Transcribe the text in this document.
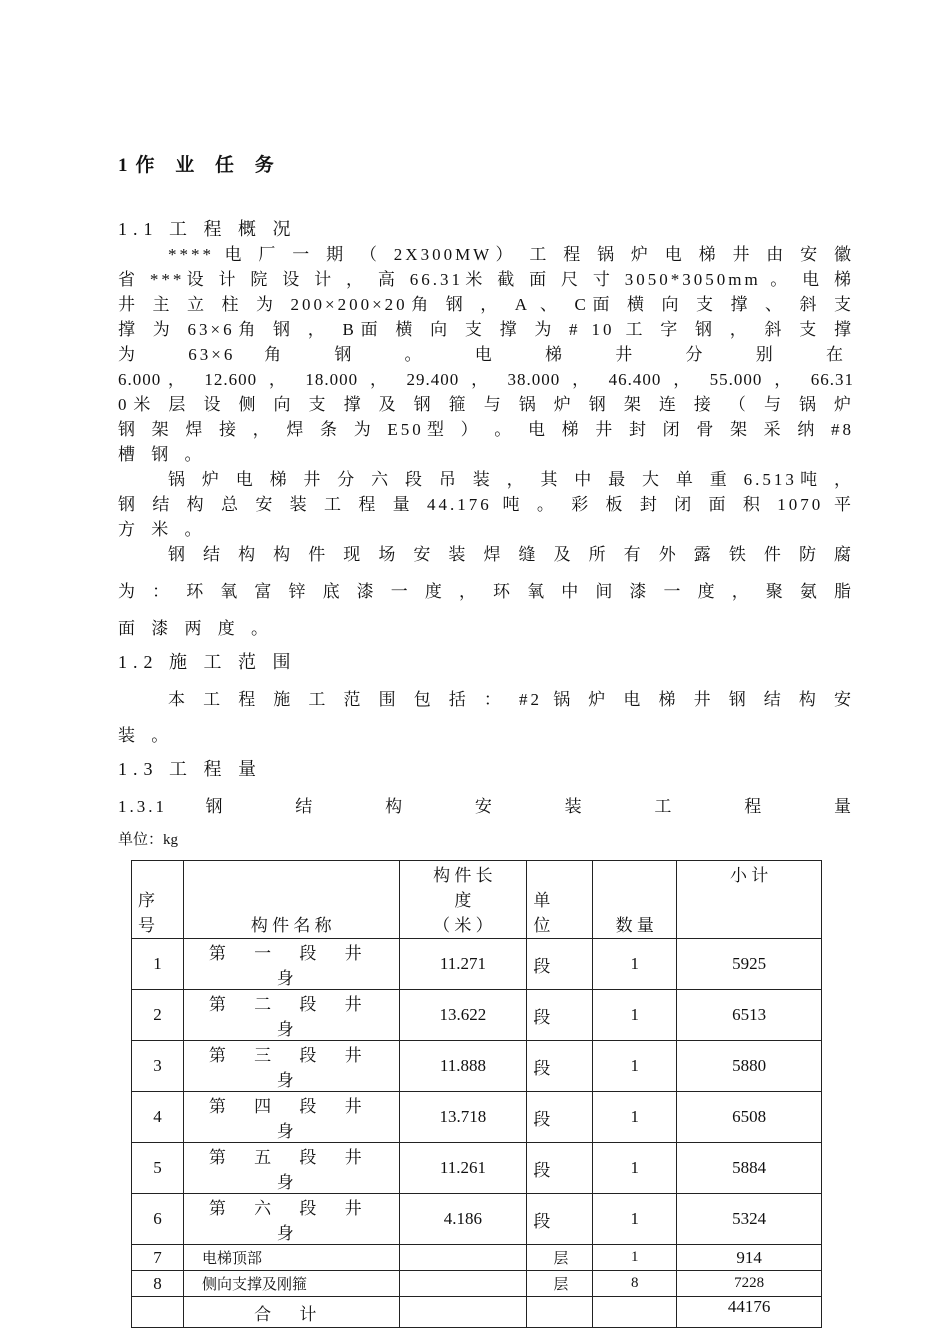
1作 业 任 务
1.1 工 程 概 况
**** 电 厂 一 期 （ 2X300MW） 工 程 锅 炉 电 梯 井 由 安 徽
省 ***设 计 院 设 计 ， 高 66.31米 截 面 尺 寸 3050*3050mm 。 电 梯
井 主 立 柱 为 200×200×20角 钢 ， A 、 C面 横 向 支 撑 、 斜 支
撑 为 63×6角 钢 ， B面 横 向 支 撑 为 # 10 工 字 钢 ， 斜 支 撑
为 63×6 角 钢 。 电 梯 井 分 别 在
6.000， 12.600 ， 18.000 ， 29.400 ， 38.000 ， 46.400 ， 55.000 ， 66.31
0米 层 设 侧 向 支 撑 及 钢 箍 与 锅 炉 钢 架 连 接 （ 与 锅 炉
钢 架 焊 接 ， 焊 条 为 E50型 ） 。 电 梯 井 封 闭 骨 架 采 纳 #8
槽 钢 。
锅 炉 电 梯 井 分 六 段 吊 装 ， 其 中 最 大 单 重 6.513吨 ，
钢 结 构 总 安 装 工 程 量 44.176 吨 。 彩 板 封 闭 面 积 1070 平
方 米 。
钢 结 构 构 件 现 场 安 装 焊 缝 及 所 有 外 露 铁 件 防 腐
为 ： 环 氧 富 锌 底 漆 一 度 ， 环 氧 中 间 漆 一 度 ， 聚 氨 脂
面 漆 两 度 。
1.2 施 工 范 围
本 工 程 施 工 范 围 包 括 ： #2 锅 炉 电 梯 井 钢 结 构 安
装 。
1.3 工 程 量
1.3.1 钢 结 构 安 装 工 程 量
单位：kg
序
号	构 件 名 称	构 件 长
度
（ 米 ）	单
位	数 量	小 计
1	第 一 段 井 身	11.271	段	1	5925
2	第 二 段 井 身	13.622	段	1	6513
3	第 三 段 井 身	11.888	段	1	5880
4	第 四 段 井 身	13.718	段	1	6508
5	第 五 段 井 身	11.261	段	1	5884
6	第 六 段 井 身	4.186	段	1	5324
7	电梯顶部		层	1	914
8	侧向支撑及刚箍		层	8	7228
	合 计				44176
